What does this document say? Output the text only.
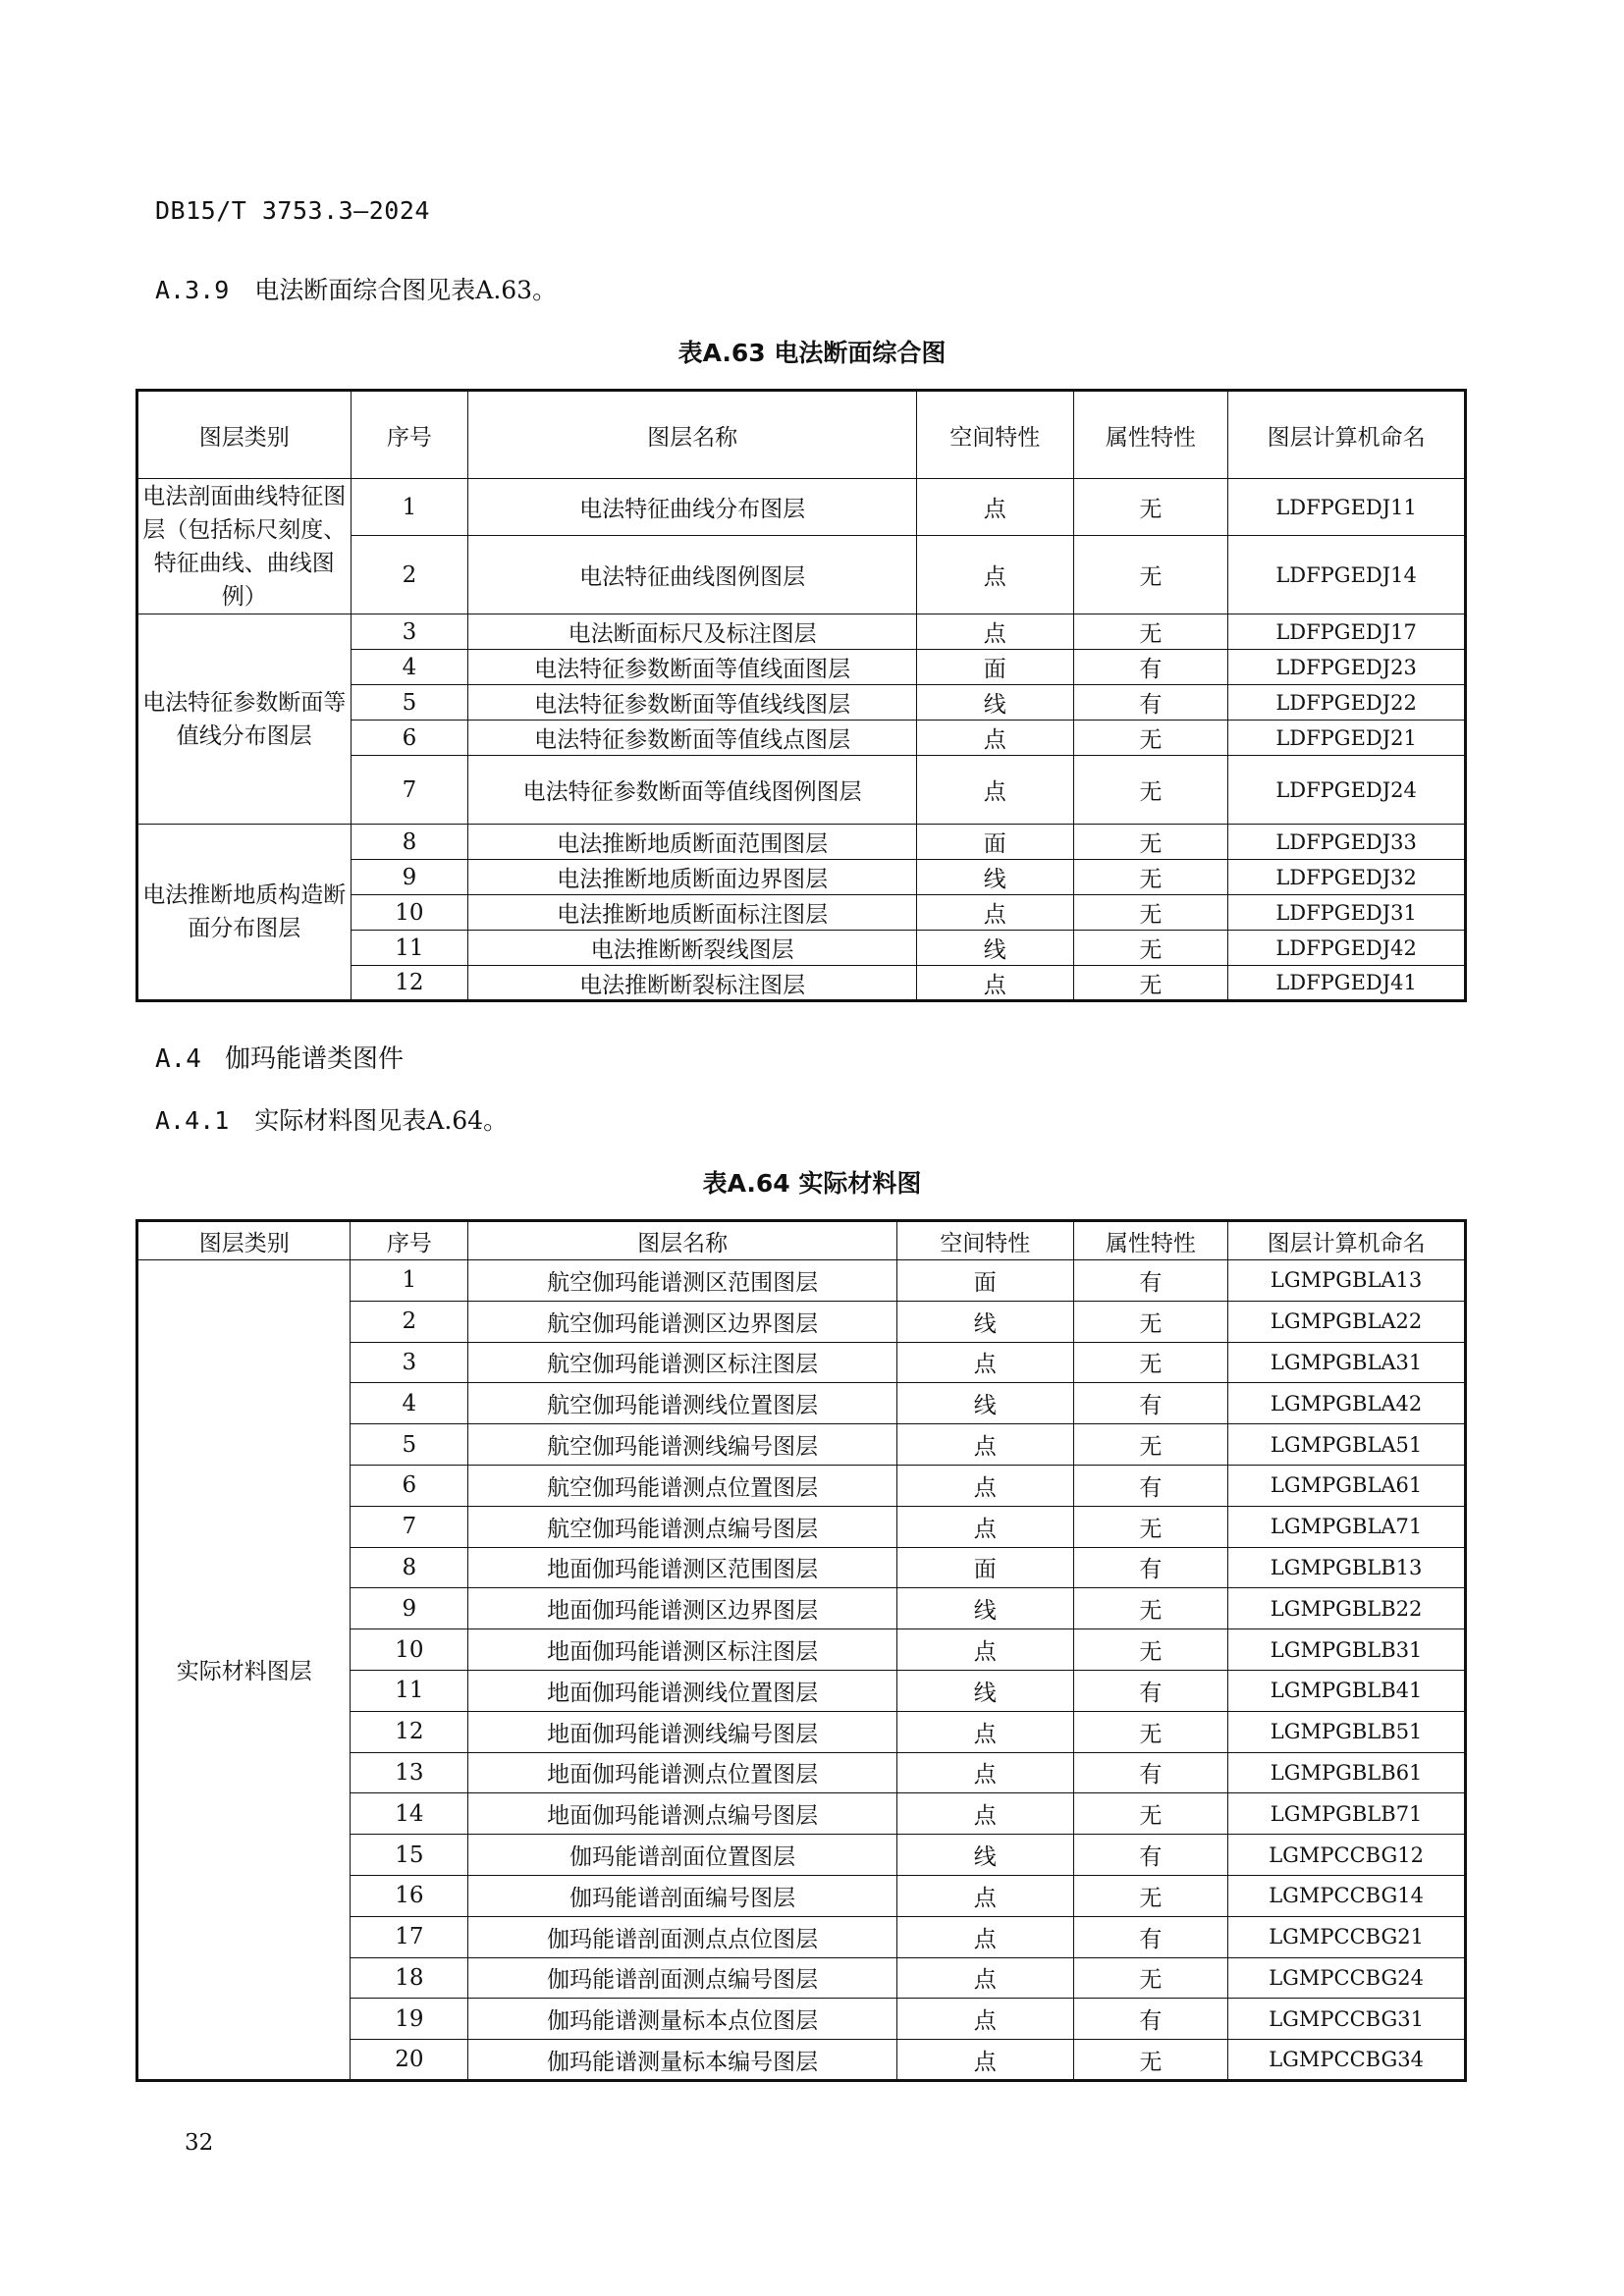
DB15/T 3753.3—2024
A.3.9 电法断面综合图见表A.63。
表A.63 电法断面综合图
图层类别	序号	图层名称	空间特性	属性特性	图层计算机命名
电法剖面曲线特征图层（包括标尺刻度、特征曲线、曲线图例）	1	电法特征曲线分布图层	点	无	LDFPGEDJ11
	2	电法特征曲线图例图层	点	无	LDFPGEDJ14
电法特征参数断面等值线分布图层	3	电法断面标尺及标注图层	点	无	LDFPGEDJ17
	4	电法特征参数断面等值线面图层	面	有	LDFPGEDJ23
	5	电法特征参数断面等值线线图层	线	有	LDFPGEDJ22
	6	电法特征参数断面等值线点图层	点	无	LDFPGEDJ21
	7	电法特征参数断面等值线图例图层	点	无	LDFPGEDJ24
电法推断地质构造断面分布图层	8	电法推断地质断面范围图层	面	无	LDFPGEDJ33
	9	电法推断地质断面边界图层	线	无	LDFPGEDJ32
	10	电法推断地质断面标注图层	点	无	LDFPGEDJ31
	11	电法推断断裂线图层	线	无	LDFPGEDJ42
	12	电法推断断裂标注图层	点	无	LDFPGEDJ41
A.4 伽玛能谱类图件
A.4.1 实际材料图见表A.64。
表A.64 实际材料图
图层类别	序号	图层名称	空间特性	属性特性	图层计算机命名
实际材料图层	1	航空伽玛能谱测区范围图层	面	有	LGMPGBLA13
	2	航空伽玛能谱测区边界图层	线	无	LGMPGBLA22
	3	航空伽玛能谱测区标注图层	点	无	LGMPGBLA31
	4	航空伽玛能谱测线位置图层	线	有	LGMPGBLA42
	5	航空伽玛能谱测线编号图层	点	无	LGMPGBLA51
	6	航空伽玛能谱测点位置图层	点	有	LGMPGBLA61
	7	航空伽玛能谱测点编号图层	点	无	LGMPGBLA71
	8	地面伽玛能谱测区范围图层	面	有	LGMPGBLB13
	9	地面伽玛能谱测区边界图层	线	无	LGMPGBLB22
	10	地面伽玛能谱测区标注图层	点	无	LGMPGBLB31
	11	地面伽玛能谱测线位置图层	线	有	LGMPGBLB41
	12	地面伽玛能谱测线编号图层	点	无	LGMPGBLB51
	13	地面伽玛能谱测点位置图层	点	有	LGMPGBLB61
	14	地面伽玛能谱测点编号图层	点	无	LGMPGBLB71
	15	伽玛能谱剖面位置图层	线	有	LGMPCCBG12
	16	伽玛能谱剖面编号图层	点	无	LGMPCCBG14
	17	伽玛能谱剖面测点点位图层	点	有	LGMPCCBG21
	18	伽玛能谱剖面测点编号图层	点	无	LGMPCCBG24
	19	伽玛能谱测量标本点位图层	点	有	LGMPCCBG31
	20	伽玛能谱测量标本编号图层	点	无	LGMPCCBG34
32
